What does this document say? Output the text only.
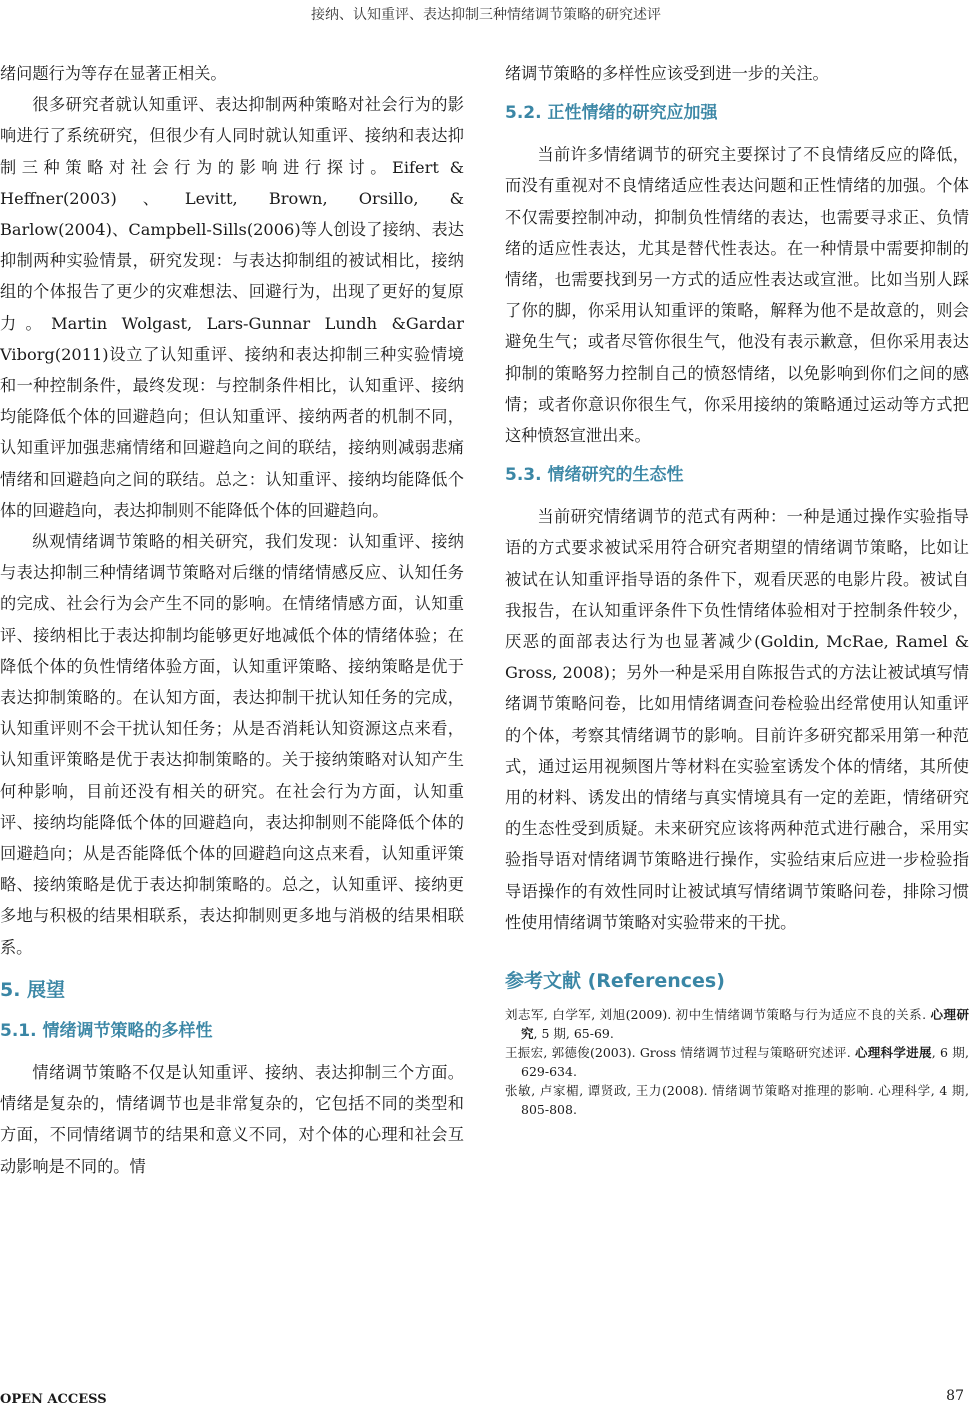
接纳、认知重评、表达抑制三种情绪调节策略的研究述评

绪问题行为等存在显著正相关。

很多研究者就认知重评、表达抑制两种策略对社会行为的影响进行了系统研究，但很少有人同时就认知重评、接纳和表达抑制三种策略对社会行为的影响进行探讨。Eifert & Heffner(2003)、Levitt, Brown, Orsillo, & Barlow(2004)、Campbell-Sills(2006)等人创设了接纳、表达抑制两种实验情景，研究发现：与表达抑制组的被试相比，接纳组的个体报告了更少的灾难想法、回避行为，出现了更好的复原力。Martin Wolgast, Lars-Gunnar Lundh &Gardar Viborg(2011)设立了认知重评、接纳和表达抑制三种实验情境和一种控制条件，最终发现：与控制条件相比，认知重评、接纳均能降低个体的回避趋向；但认知重评、接纳两者的机制不同，认知重评加强悲痛情绪和回避趋向之间的联结，接纳则减弱悲痛情绪和回避趋向之间的联结。总之：认知重评、接纳均能降低个体的回避趋向，表达抑制则不能降低个体的回避趋向。

纵观情绪调节策略的相关研究，我们发现：认知重评、接纳与表达抑制三种情绪调节策略对后继的情绪情感反应、认知任务的完成、社会行为会产生不同的影响。在情绪情感方面，认知重评、接纳相比于表达抑制均能够更好地减低个体的情绪体验；在降低个体的负性情绪体验方面，认知重评策略、接纳策略是优于表达抑制策略的。在认知方面，表达抑制干扰认知任务的完成，认知重评则不会干扰认知任务；从是否消耗认知资源这点来看，认知重评策略是优于表达抑制策略的。关于接纳策略对认知产生何种影响，目前还没有相关的研究。在社会行为方面，认知重评、接纳均能降低个体的回避趋向，表达抑制则不能降低个体的回避趋向；从是否能降低个体的回避趋向这点来看，认知重评策略、接纳策略是优于表达抑制策略的。总之，认知重评、接纳更多地与积极的结果相联系，表达抑制则更多地与消极的结果相联系。

5. 展望
5.1. 情绪调节策略的多样性

情绪调节策略不仅是认知重评、接纳、表达抑制三个方面。情绪是复杂的，情绪调节也是非常复杂的，它包括不同的类型和方面，不同情绪调节的结果和意义不同，对个体的心理和社会互动影响是不同的。情

绪调节策略的多样性应该受到进一步的关注。

5.2. 正性情绪的研究应加强

当前许多情绪调节的研究主要探讨了不良情绪反应的降低，而没有重视对不良情绪适应性表达问题和正性情绪的加强。个体不仅需要控制冲动，抑制负性情绪的表达，也需要寻求正、负情绪的适应性表达，尤其是替代性表达。在一种情景中需要抑制的情绪，也需要找到另一方式的适应性表达或宣泄。比如当别人踩了你的脚，你采用认知重评的策略，解释为他不是故意的，则会避免生气；或者尽管你很生气，他没有表示歉意，但你采用表达抑制的策略努力控制自己的愤怒情绪，以免影响到你们之间的感情；或者你意识你很生气，你采用接纳的策略通过运动等方式把这种愤怒宣泄出来。

5.3. 情绪研究的生态性

当前研究情绪调节的范式有两种：一种是通过操作实验指导语的方式要求被试采用符合研究者期望的情绪调节策略，比如让被试在认知重评指导语的条件下，观看厌恶的电影片段。被试自我报告，在认知重评条件下负性情绪体验相对于控制条件较少，厌恶的面部表达行为也显著减少(Goldin, McRae, Ramel & Gross, 2008)；另外一种是采用自陈报告式的方法让被试填写情绪调节策略问卷，比如用情绪调查问卷检验出经常使用认知重评的个体，考察其情绪调节的影响。目前许多研究都采用第一种范式，通过运用视频图片等材料在实验室诱发个体的情绪，其所使用的材料、诱发出的情绪与真实情境具有一定的差距，情绪研究的生态性受到质疑。未来研究应该将两种范式进行融合，采用实验指导语对情绪调节策略进行操作，实验结束后应进一步检验指导语操作的有效性同时让被试填写情绪调节策略问卷，排除习惯性使用情绪调节策略对实验带来的干扰。

参考文献 (References)

刘志军, 白学军, 刘旭(2009). 初中生情绪调节策略与行为适应不良的关系. 心理研究, 5 期, 65-69.

王振宏, 郭德俊(2003). Gross 情绪调节过程与策略研究述评. 心理科学进展, 6 期, 629-634.

张敏, 卢家楣, 谭贤政, 王力(2008). 情绪调节策略对推理的影响. 心理科学, 4 期, 805-808.

OPEN ACCESS	87
